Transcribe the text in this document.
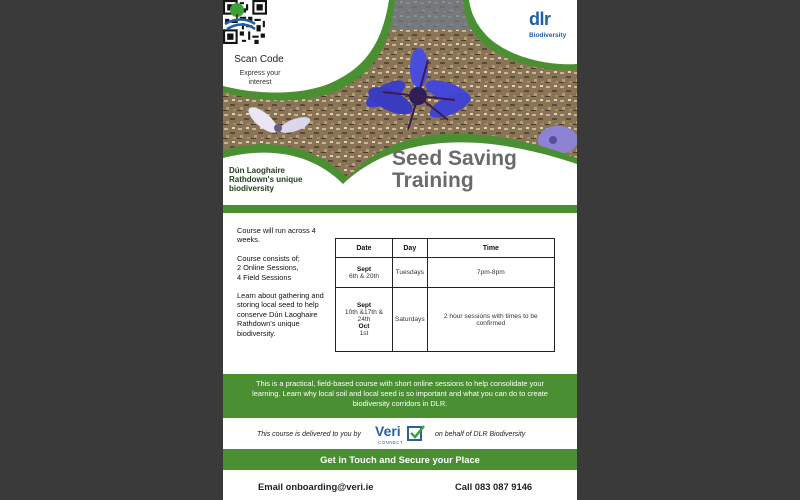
Scan Code
Express your interest
dlr
Biodiversity
Dún Laoghaire Rathdown's unique biodiversity
Seed Saving
Training

Course will run across 4 weeks.

Course consists of;
2 Online Sessions,
4 Field Sessions

Learn about gathering and storing local seed to help conserve Dún Laoghaire Rathdown's unique biodiversity.

Date	Day	Time
Sept
6th & 20th	Tuesdays	7pm-8pm
Sept
10th &17th & 24th
Oct
1st	Saturdays	2 hour sessions with times to be confirmed
This is a practical, field-based course with short online sessions to help consolidate your learning. Learn why local soil and local seed is so important and what you can do to create biodiversity corridors in DLR.
This course is delivered to you by Veri
CONNECT
on behalf of DLR Biodiversity
Get in Touch and Secure your Place
Email onboarding@veri.ie	Call 083 087 9146
